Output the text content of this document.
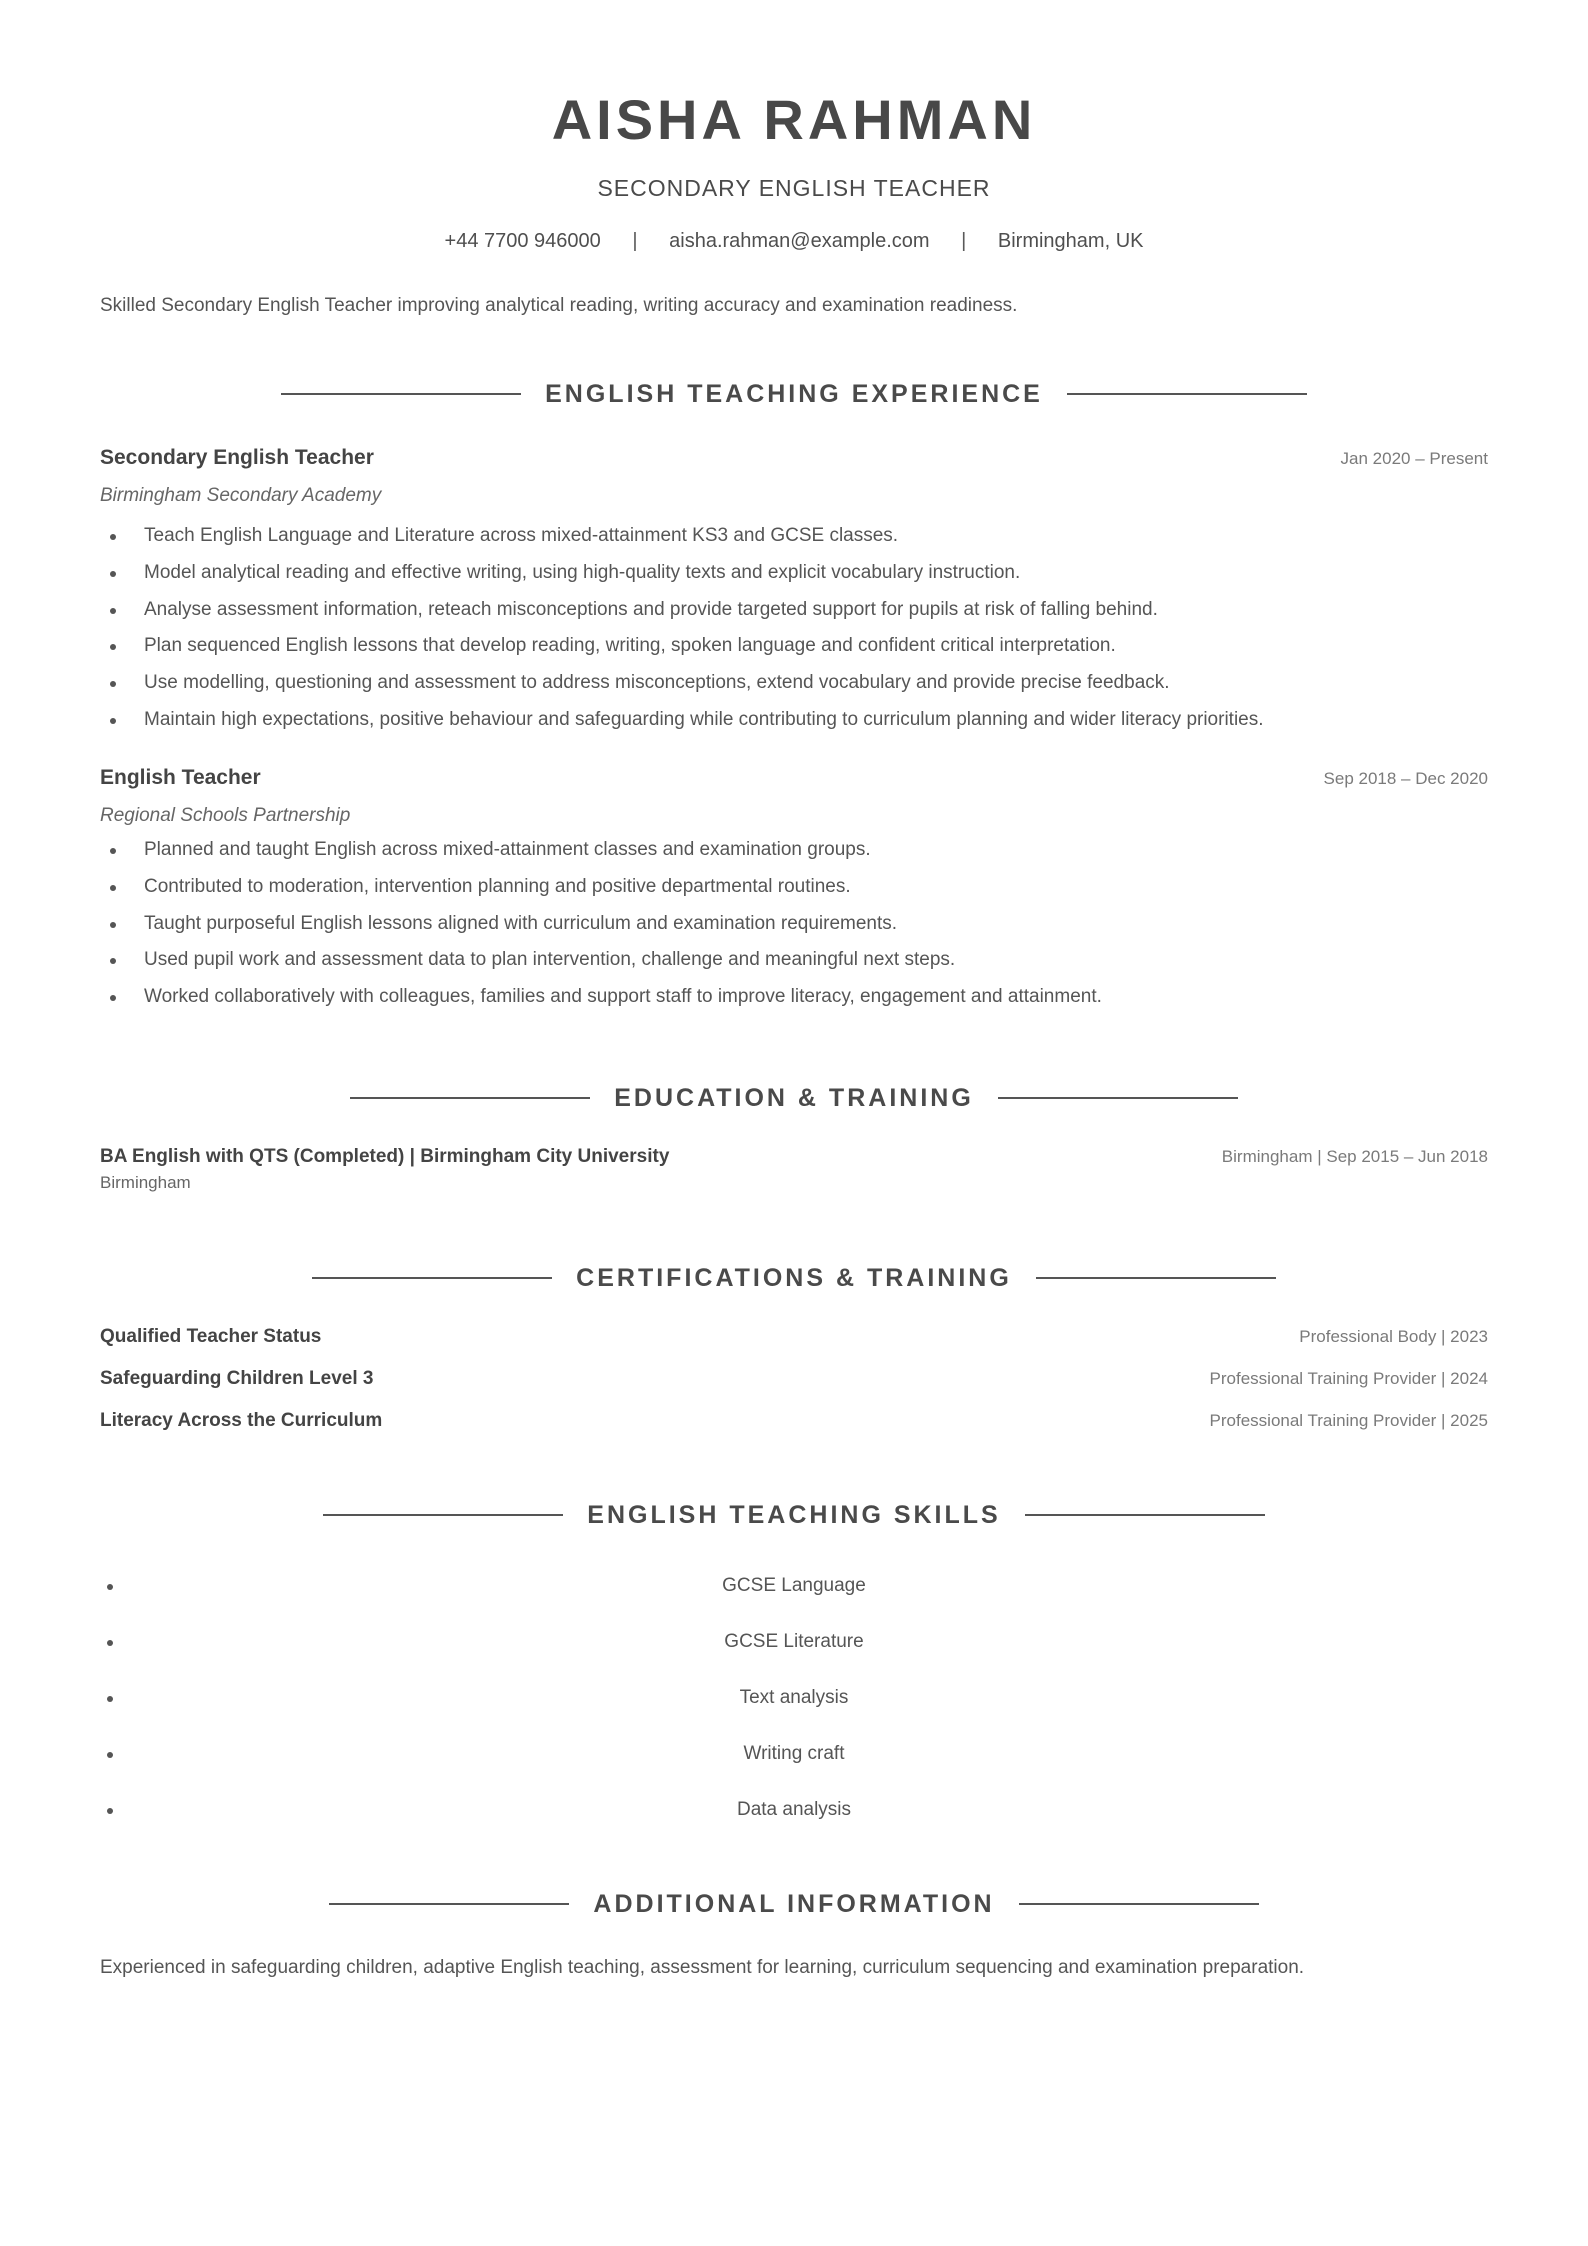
AISHA RAHMAN

SECONDARY ENGLISH TEACHER

+44 7700 946000 | aisha.rahman@example.com | Birmingham, UK

Skilled Secondary English Teacher improving analytical reading, writing accuracy and examination readiness.

ENGLISH TEACHING EXPERIENCE
Secondary English Teacher	Jan 2020 – Present
Birmingham Secondary Academy
Teach English Language and Literature across mixed-attainment KS3 and GCSE classes.
Model analytical reading and effective writing, using high-quality texts and explicit vocabulary instruction.
Analyse assessment information, reteach misconceptions and provide targeted support for pupils at risk of falling behind.
Plan sequenced English lessons that develop reading, writing, spoken language and confident critical interpretation.
Use modelling, questioning and assessment to address misconceptions, extend vocabulary and provide precise feedback.
Maintain high expectations, positive behaviour and safeguarding while contributing to curriculum planning and wider literacy priorities.
English Teacher	Sep 2018 – Dec 2020
Regional Schools Partnership
Planned and taught English across mixed-attainment classes and examination groups.
Contributed to moderation, intervention planning and positive departmental routines.
Taught purposeful English lessons aligned with curriculum and examination requirements.
Used pupil work and assessment data to plan intervention, challenge and meaningful next steps.
Worked collaboratively with colleagues, families and support staff to improve literacy, engagement and attainment.
EDUCATION & TRAINING
BA English with QTS (Completed) | Birmingham City University	Birmingham | Sep 2015 – Jun 2018
Birmingham
CERTIFICATIONS & TRAINING
Qualified Teacher Status	Professional Body | 2023
Safeguarding Children Level 3	Professional Training Provider | 2024
Literacy Across the Curriculum	Professional Training Provider | 2025
ENGLISH TEACHING SKILLS
GCSE Language
GCSE Literature
Text analysis
Writing craft
Data analysis
ADDITIONAL INFORMATION

Experienced in safeguarding children, adaptive English teaching, assessment for learning, curriculum sequencing and examination preparation.
